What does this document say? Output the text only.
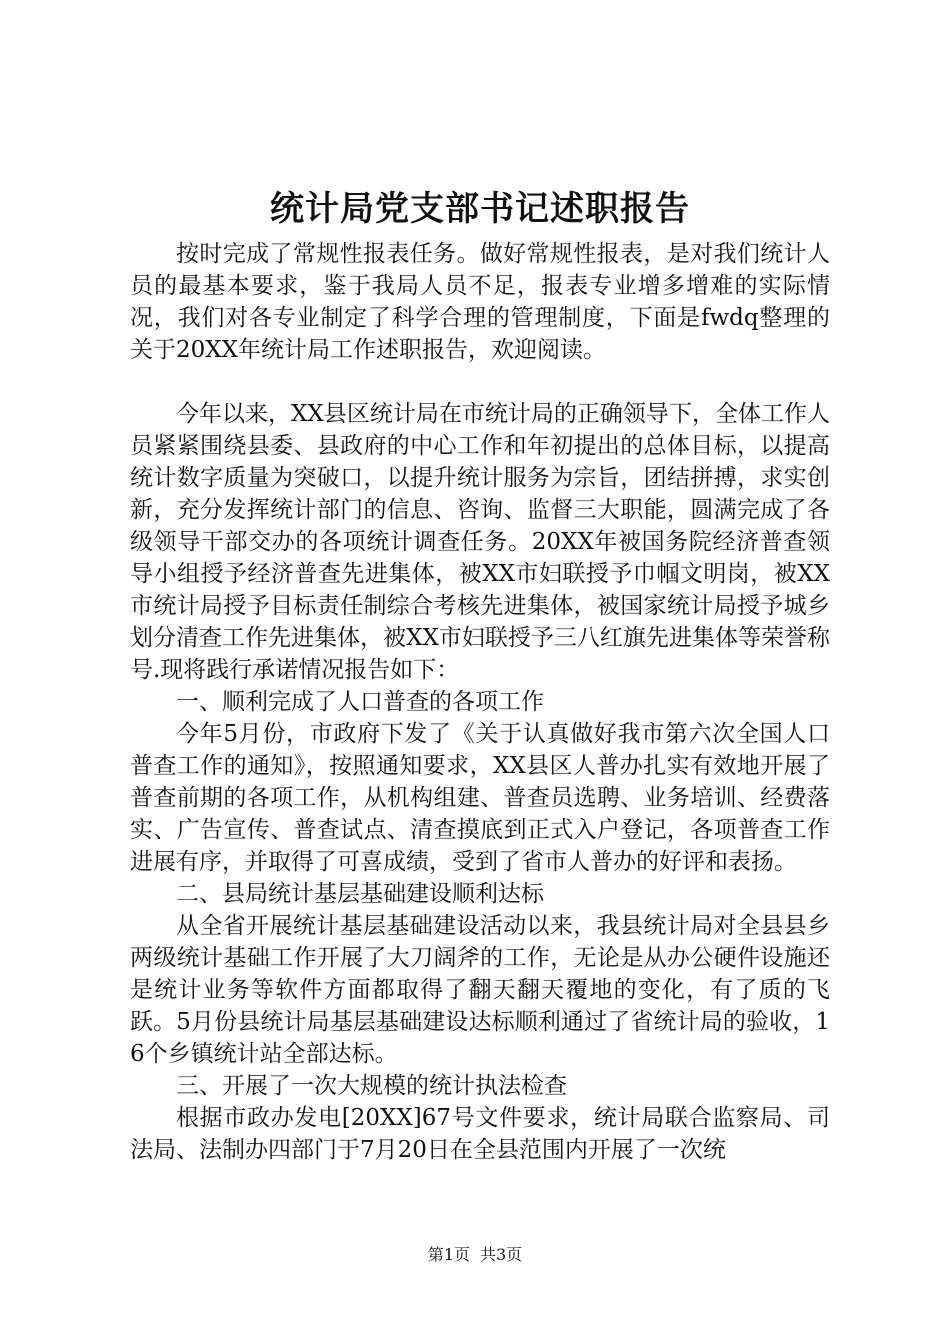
统计局党支部书记述职报告

按时完成了常规性报表任务。做好常规性报表，是对我们统计人员的最基本要求，鉴于我局人员不足，报表专业增多增难的实际情况，我们对各专业制定了科学合理的管理制度，下面是fwdq整理的关于20XX年统计局工作述职报告，欢迎阅读。

今年以来，XX县区统计局在市统计局的正确领导下，全体工作人员紧紧围绕县委、县政府的中心工作和年初提出的总体目标，以提高统计数字质量为突破口，以提升统计服务为宗旨，团结拼搏，求实创新，充分发挥统计部门的信息、咨询、监督三大职能，圆满完成了各级领导干部交办的各项统计调查任务。20XX年被国务院经济普查领导小组授予经济普查先进集体，被XX市妇联授予巾帼文明岗，被XX市统计局授予目标责任制综合考核先进集体，被国家统计局授予城乡划分清查工作先进集体，被XX市妇联授予三八红旗先进集体等荣誉称号.现将践行承诺情况报告如下：

一、顺利完成了人口普查的各项工作

今年5月份，市政府下发了《关于认真做好我市第六次全国人口普查工作的通知》，按照通知要求，XX县区人普办扎实有效地开展了普查前期的各项工作，从机构组建、普查员选聘、业务培训、经费落实、广告宣传、普查试点、清查摸底到正式入户登记，各项普查工作进展有序，并取得了可喜成绩，受到了省市人普办的好评和表扬。

二、县局统计基层基础建设顺利达标

从全省开展统计基层基础建设活动以来，我县统计局对全县县乡两级统计基础工作开展了大刀阔斧的工作，无论是从办公硬件设施还是统计业务等软件方面都取得了翻天翻天覆地的变化，有了质的飞跃。5月份县统计局基层基础建设达标顺利通过了省统计局的验收，16个乡镇统计站全部达标。

三、开展了一次大规模的统计执法检查

根据市政办发电[20XX]67号文件要求，统计局联合监察局、司法局、法制办四部门于7月20日在全县范围内开展了一次统

第1页 共3页
